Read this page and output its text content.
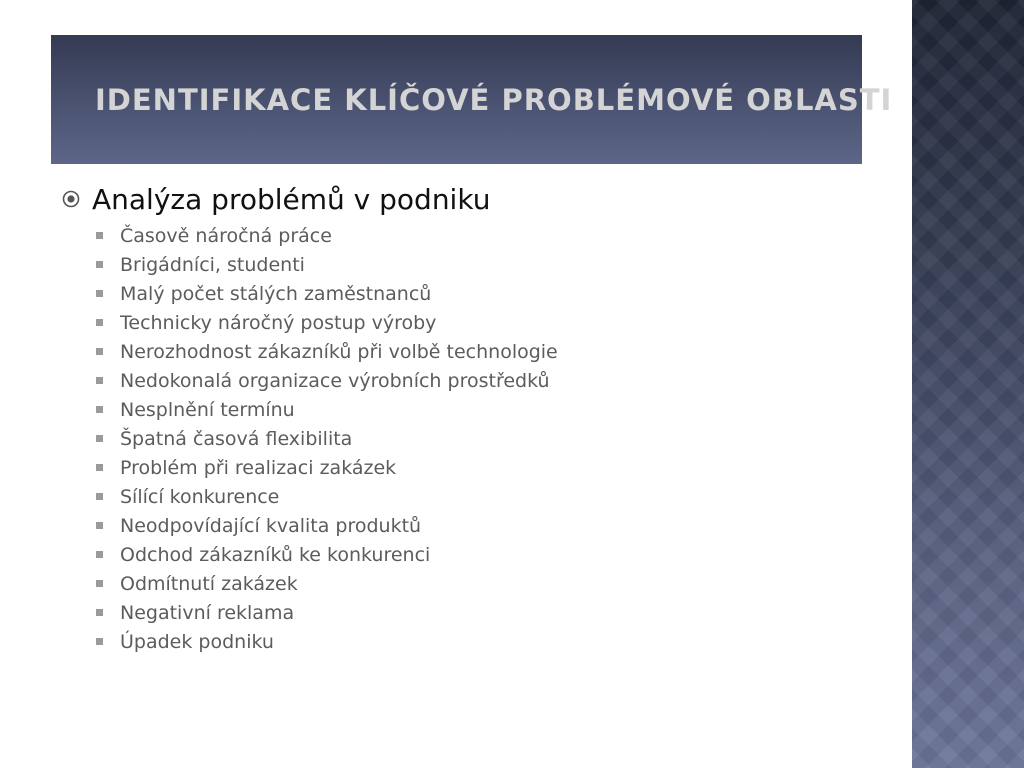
IDENTIFIKACE KLÍČOVÉ PROBLÉMOVÉ OBLASTI
Analýza problémů v podniku
Časově náročná práce
Brigádníci, studenti
Malý počet stálých zaměstnanců
Technicky náročný postup výroby
Nerozhodnost zákazníků při volbě technologie
Nedokonalá organizace výrobních prostředků
Nesplnění termínu
Špatná časová flexibilita
Problém při realizaci zakázek
Sílící konkurence
Neodpovídající kvalita produktů
Odchod zákazníků ke konkurenci
Odmítnutí zakázek
Negativní reklama
Úpadek podniku
